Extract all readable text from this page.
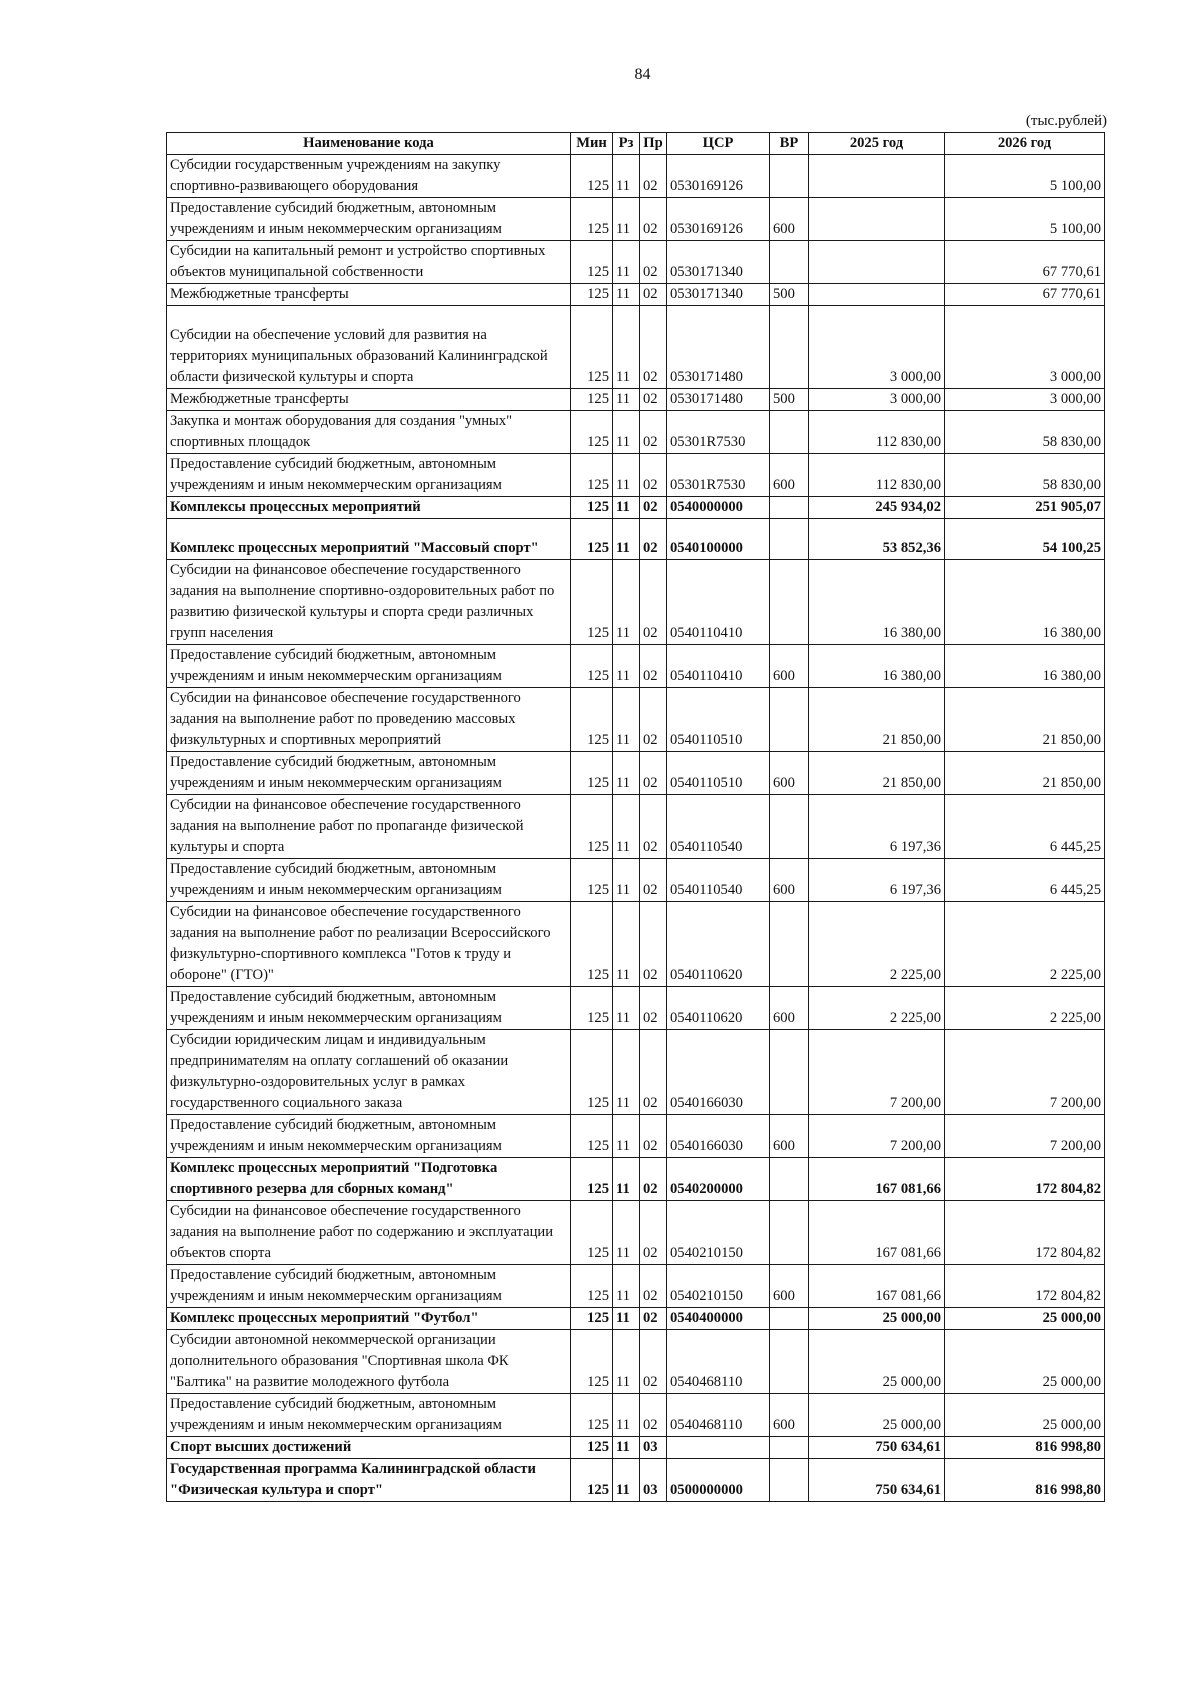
84
(тыс.рублей)
Наименование кода	Мин	Рз	Пр	ЦСР	ВР	2025 год	2026 год
Субсидии государственным учреждениям на закупку спортивно-развивающего оборудования	125	11	02	0530169126			5 100,00
Предоставление субсидий бюджетным, автономным учреждениям и иным некоммерческим организациям	125	11	02	0530169126	600		5 100,00
Субсидии на капитальный ремонт и устройство спортивных объектов муниципальной собственности	125	11	02	0530171340			67 770,61
Межбюджетные трансферты	125	11	02	0530171340	500		67 770,61
Субсидии на обеспечение условий для развития на территориях муниципальных образований Калининградской области физической культуры и спорта	125	11	02	0530171480		3 000,00	3 000,00
Межбюджетные трансферты	125	11	02	0530171480	500	3 000,00	3 000,00
Закупка и монтаж оборудования для создания "умных" спортивных площадок	125	11	02	05301R7530		112 830,00	58 830,00
Предоставление субсидий бюджетным, автономным учреждениям и иным некоммерческим организациям	125	11	02	05301R7530	600	112 830,00	58 830,00
Комплексы процессных мероприятий	125	11	02	0540000000		245 934,02	251 905,07
Комплекс процессных мероприятий "Массовый спорт"	125	11	02	0540100000		53 852,36	54 100,25
Субсидии на финансовое обеспечение государственного задания на выполнение спортивно-оздоровительных работ по развитию физической культуры и спорта среди различных групп населения	125	11	02	0540110410		16 380,00	16 380,00
Предоставление субсидий бюджетным, автономным учреждениям и иным некоммерческим организациям	125	11	02	0540110410	600	16 380,00	16 380,00
Субсидии на финансовое обеспечение государственного задания на выполнение работ по проведению массовых физкультурных и спортивных мероприятий	125	11	02	0540110510		21 850,00	21 850,00
Предоставление субсидий бюджетным, автономным учреждениям и иным некоммерческим организациям	125	11	02	0540110510	600	21 850,00	21 850,00
Субсидии на финансовое обеспечение государственного задания на выполнение работ по пропаганде физической культуры и спорта	125	11	02	0540110540		6 197,36	6 445,25
Предоставление субсидий бюджетным, автономным учреждениям и иным некоммерческим организациям	125	11	02	0540110540	600	6 197,36	6 445,25
Субсидии на финансовое обеспечение государственного задания на выполнение работ по реализации Всероссийского физкультурно-спортивного комплекса "Готов к труду и обороне" (ГТО)"	125	11	02	0540110620		2 225,00	2 225,00
Предоставление субсидий бюджетным, автономным учреждениям и иным некоммерческим организациям	125	11	02	0540110620	600	2 225,00	2 225,00
Субсидии юридическим лицам и индивидуальным предпринимателям на оплату соглашений об оказании физкультурно-оздоровительных услуг в рамках государственного социального заказа	125	11	02	0540166030		7 200,00	7 200,00
Предоставление субсидий бюджетным, автономным учреждениям и иным некоммерческим организациям	125	11	02	0540166030	600	7 200,00	7 200,00
Комплекс процессных мероприятий "Подготовка спортивного резерва для сборных команд"	125	11	02	0540200000		167 081,66	172 804,82
Субсидии на финансовое обеспечение государственного задания на выполнение работ по содержанию и эксплуатации объектов спорта	125	11	02	0540210150		167 081,66	172 804,82
Предоставление субсидий бюджетным, автономным учреждениям и иным некоммерческим организациям	125	11	02	0540210150	600	167 081,66	172 804,82
Комплекс процессных мероприятий "Футбол"	125	11	02	0540400000		25 000,00	25 000,00
Субсидии автономной некоммерческой организации дополнительного образования "Спортивная школа ФК "Балтика" на развитие молодежного футбола	125	11	02	0540468110		25 000,00	25 000,00
Предоставление субсидий бюджетным, автономным учреждениям и иным некоммерческим организациям	125	11	02	0540468110	600	25 000,00	25 000,00
Спорт высших достижений	125	11	03			750 634,61	816 998,80
Государственная программа Калининградской области "Физическая культура и спорт"	125	11	03	0500000000		750 634,61	816 998,80
